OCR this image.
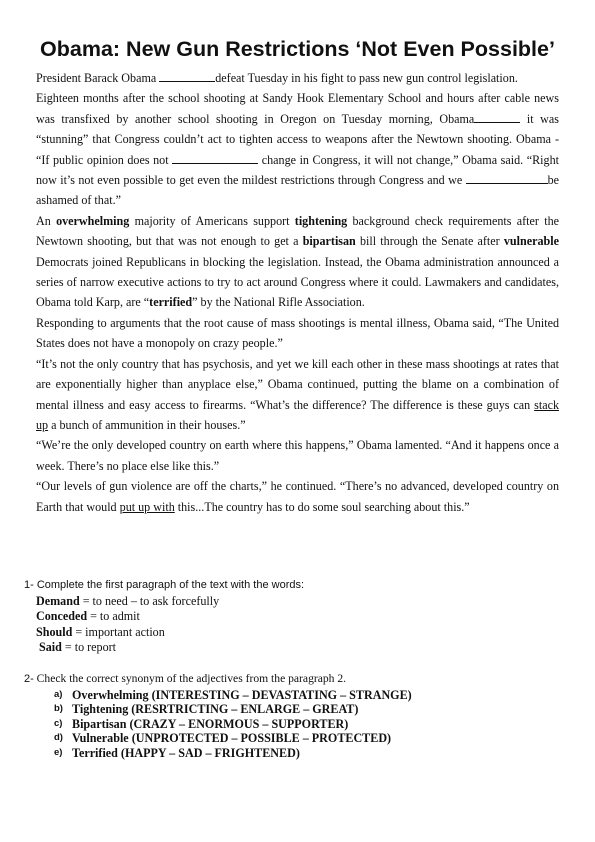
Obama: New Gun Restrictions ‘Not Even Possible’

President Barack Obama	defeat Tuesday in his fight to pass new gun control legislation.

Eighteen months after the school shooting at Sandy Hook Elementary School and hours after cable news was transfixed by another school shooting in Oregon on Tuesday morning, Obama	it was “stunning” that Congress couldn’t act to tighten access to weapons after the Newtown shooting. Obama - “If public opinion does not	change in Congress, it will not change,” Obama said. “Right now it’s not even possible to get even the mildest restrictions through Congress and we	be ashamed of that.”

An overwhelming majority of Americans support tightening background check requirements after the Newtown shooting, but that was not enough to get a bipartisan bill through the Senate after vulnerable Democrats joined Republicans in blocking the legislation. Instead, the Obama administration announced a series of narrow executive actions to try to act around Congress where it could. Lawmakers and candidates, Obama told Karp, are “terrified” by the National Rifle Association.

Responding to arguments that the root cause of mass shootings is mental illness, Obama said, “The United States does not have a monopoly on crazy people.”

“It’s not the only country that has psychosis, and yet we kill each other in these mass shootings at rates that are exponentially higher than anyplace else,” Obama continued, putting the blame on a combination of mental illness and easy access to firearms. “What’s the difference? The difference is these guys can stack up a bunch of ammunition in their houses.”

“We’re the only developed country on earth where this happens,” Obama lamented. “And it happens once a week. There’s no place else like this.”

“Our levels of gun violence are off the charts,” he continued. “There’s no advanced, developed country on Earth that would put up with this...The country has to do some soul searching about this.”

1- Complete the first paragraph of the text with the words:

Demand = to need – to ask forcefully

Conceded = to admit

Should = important action

Said = to report

2- Check the correct synonym of the adjectives from the paragraph 2.

a) Overwhelming (INTERESTING – DEVASTATING – STRANGE)
b) Tightening (RESRTRICTING – ENLARGE – GREAT)
c) Bipartisan (CRAZY – ENORMOUS – SUPPORTER)
d) Vulnerable (UNPROTECTED – POSSIBLE – PROTECTED)
e) Terrified (HAPPY – SAD – FRIGHTENED)
